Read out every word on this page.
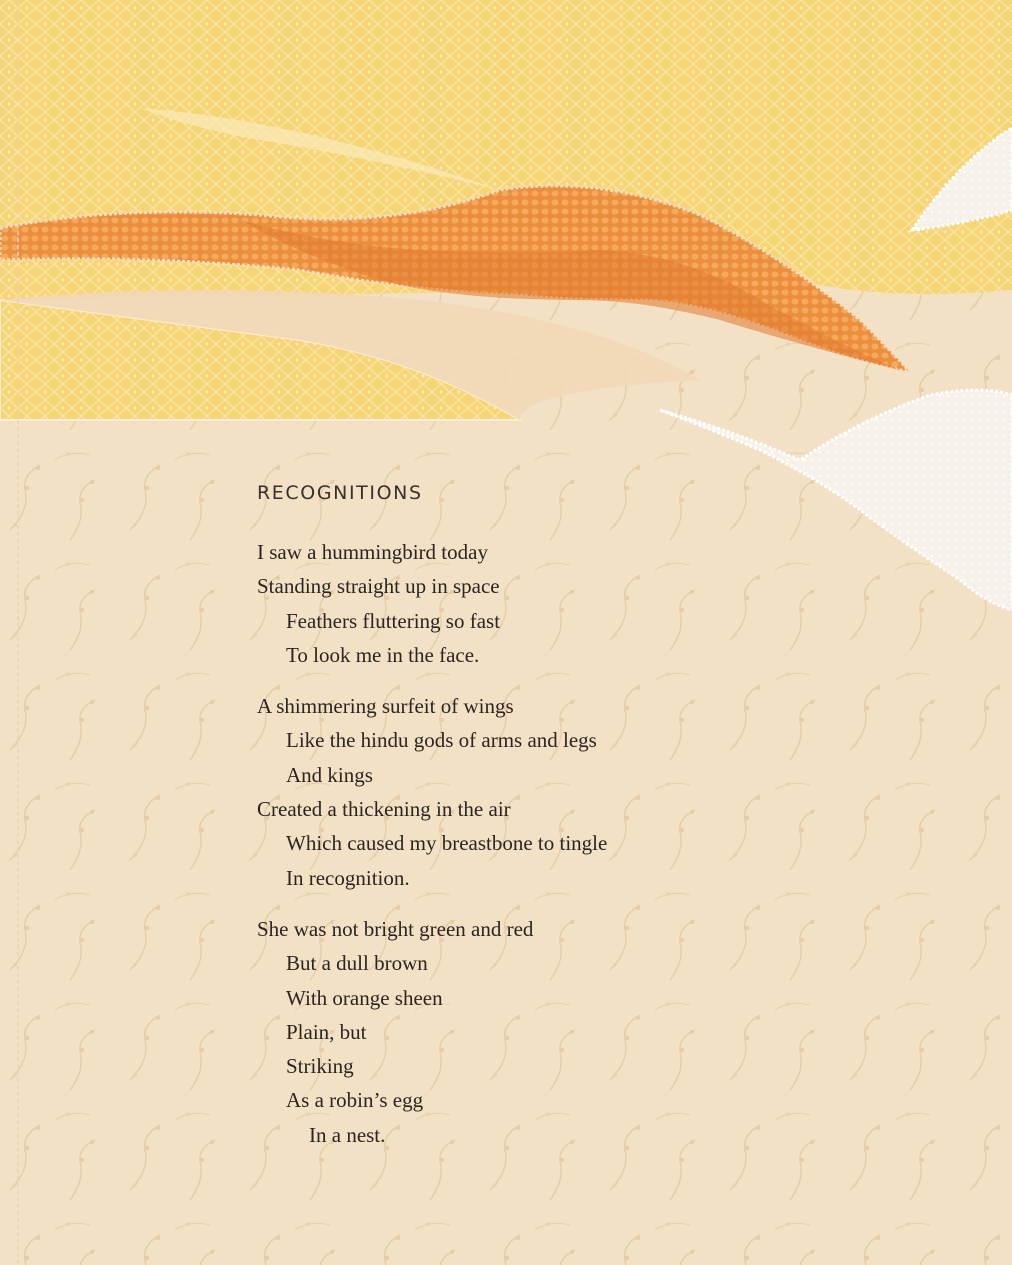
RECOGNITIONS
I saw a hummingbird today
Standing straight up in space
Feathers fluttering so fast
To look me in the face.
A shimmering surfeit of wings
Like the hindu gods of arms and legs
And kings
Created a thickening in the air
Which caused my breastbone to tingle
In recognition.
She was not bright green and red
But a dull brown
With orange sheen
Plain, but
Striking
As a robin’s egg
In a nest.
